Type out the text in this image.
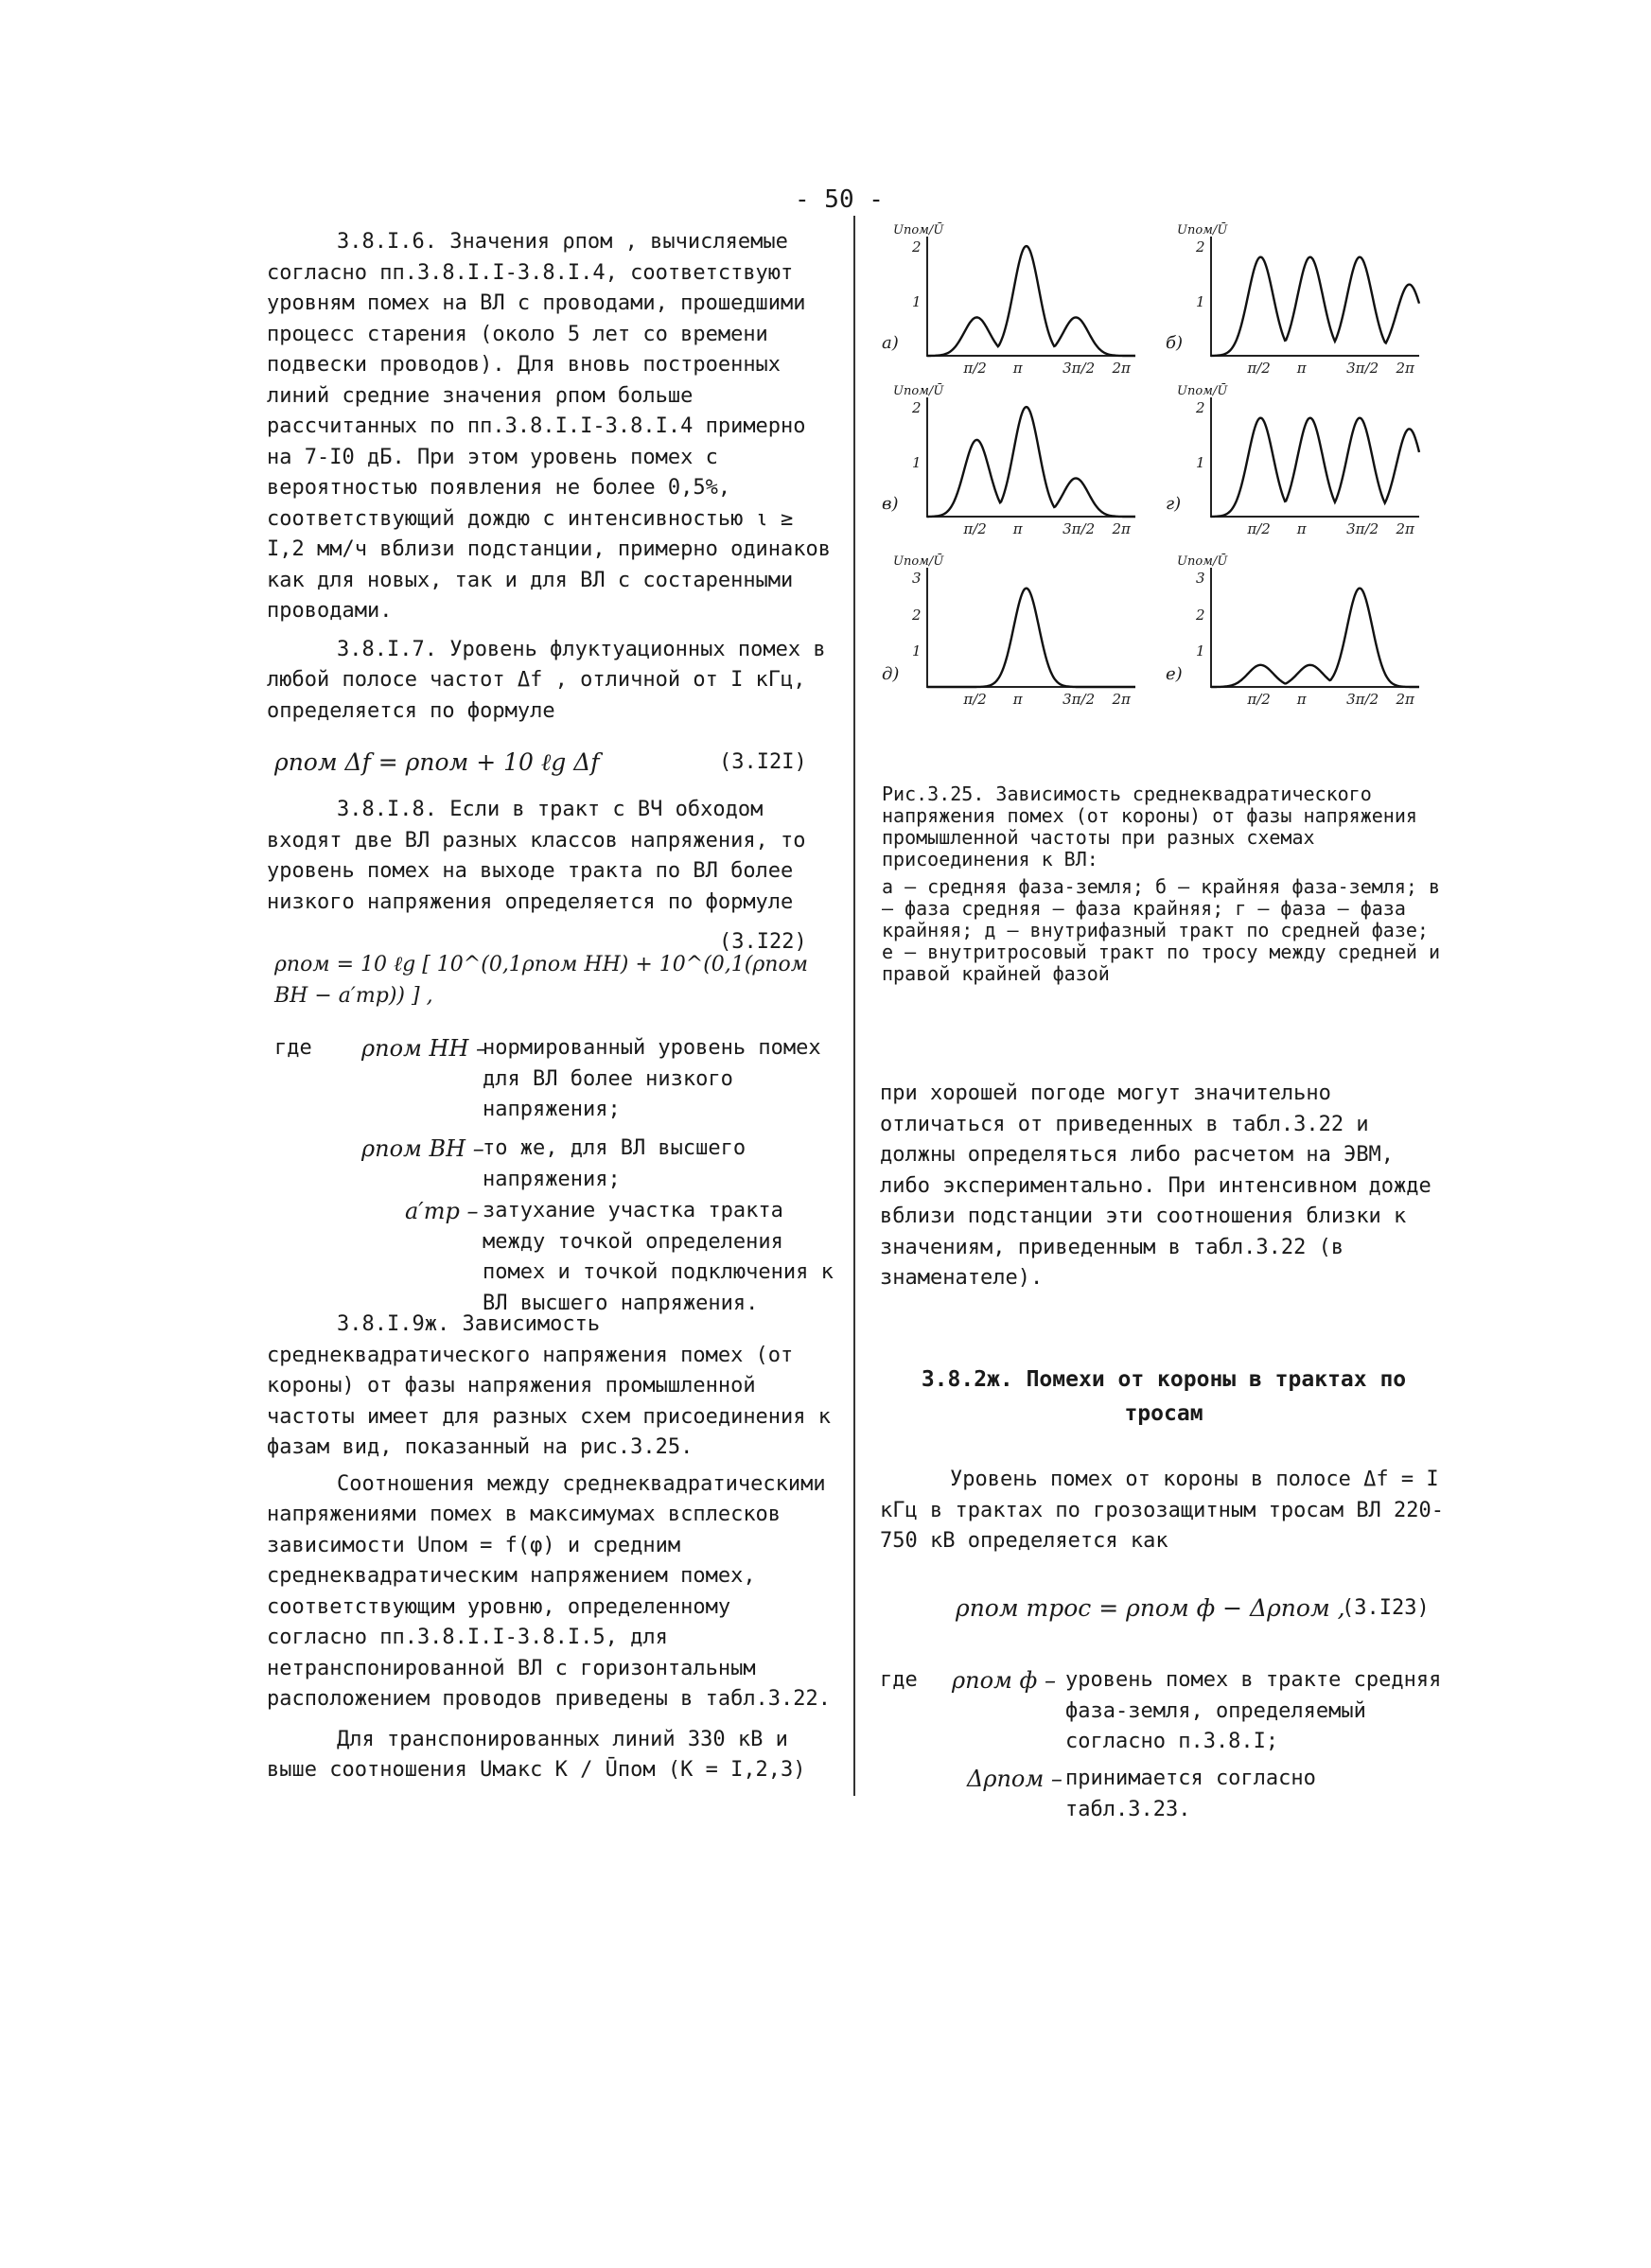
- 50 -

3.8.I.6. Значения ρпом , вычисляемые согласно пп.3.8.I.I-3.8.I.4, соответствуют уровням помех на ВЛ с проводами, прошедшими процесс старения (около 5 лет со времени подвески проводов). Для вновь построенных линий средние значения ρпом больше рассчитанных по пп.3.8.I.I-3.8.I.4 примерно на 7-I0 дБ. При этом уровень помех с вероятностью появления не более 0,5%, соответствующий дождю с интенсивностью ι ≥ I,2 мм/ч вблизи подстанции, примерно одинаков как для новых, так и для ВЛ с состаренными проводами.

3.8.I.7. Уровень флуктуационных помех в любой полосе частот Δf , отличной от I кГц, определяется по формуле

ρпом Δf = ρпом + 10 ℓg Δf	(3.I2I)

3.8.I.8. Если в тракт с ВЧ обходом входят две ВЛ разных классов напряжения, то уровень помех на выходе тракта по ВЛ более низкого напряжения определяется по формуле

ρпом = 10 ℓg [ 10^(0,1ρпом НН) + 10^(0,1(ρпом ВН − a′тр)) ] ,
(3.I22)
где ρпом НН –
нормированный уровень помех для ВЛ более низкого напряжения;
ρпом ВН –
то же, для ВЛ высшего напряжения;
a′тр – затухание участка тракта между точкой определения помех и точкой подключения к ВЛ высшего напряжения.

3.8.I.9ж. Зависимость среднеквадратического напряжения помех (от короны) от фазы напряжения промышленной частоты имеет для разных схем присоединения к фазам вид, показанный на рис.3.25.

Соотношения между среднеквадратическими напряжениями помех в максимумах всплесков зависимости Uпом = f(φ) и средним среднеквадратическим напряжением помех, соответствующим уровню, определенному согласно пп.3.8.I.I-3.8.I.5, для нетранспонированной ВЛ с горизонтальным расположением проводов приведены в табл.3.22.

Для транспонированных линий 330 кВ и выше соотношения Uмакс К / Ūпом (К = I,2,3)

Uпом/Ū
1
2
π/2 π	3π/2 2π
а)
Uпом/Ū
1
2
π/2 π	3π/2 2π
б)
Uпом/Ū
1
2
π/2 π	3π/2 2π
в)
Uпом/Ū
1
2
π/2 π	3π/2 2π
г)
Uпом/Ū
1
2
3
π/2 π	3π/2 2π
д)
Uпом/Ū
1
2
3
π/2 π	3π/2 2π
е)

Рис.3.25. Зависимость среднеквадратического напряжения помех (от короны) от фазы напряжения промышленной частоты при разных схемах присоединения к ВЛ:

а – средняя фаза-земля; б – крайняя фаза-земля; в – фаза средняя – фаза крайняя; г – фаза – фаза крайняя; д – внутрифазный тракт по средней фазе; е – внутритросовый тракт по тросу между средней и правой крайней фазой

при хорошей погоде могут значительно отличаться от приведенных в табл.3.22 и должны определяться либо расчетом на ЭВМ, либо экспериментально. При интенсивном дожде вблизи подстанции эти соотношения близки к значениям, приведенным в табл.3.22 (в знаменателе).

3.8.2ж. Помехи от короны в трактах по тросам

Уровень помех от короны в полосе Δf = I кГц в трактах по грозозащитным тросам ВЛ 220-750 кВ определяется как

ρпом трос = ρпом ф − Δρпом ,
(3.I23)
где ρпом ф – уровень помех в тракте средняя фаза-земля, определяемый согласно п.3.8.I;
Δρпом – принимается согласно табл.3.23.
